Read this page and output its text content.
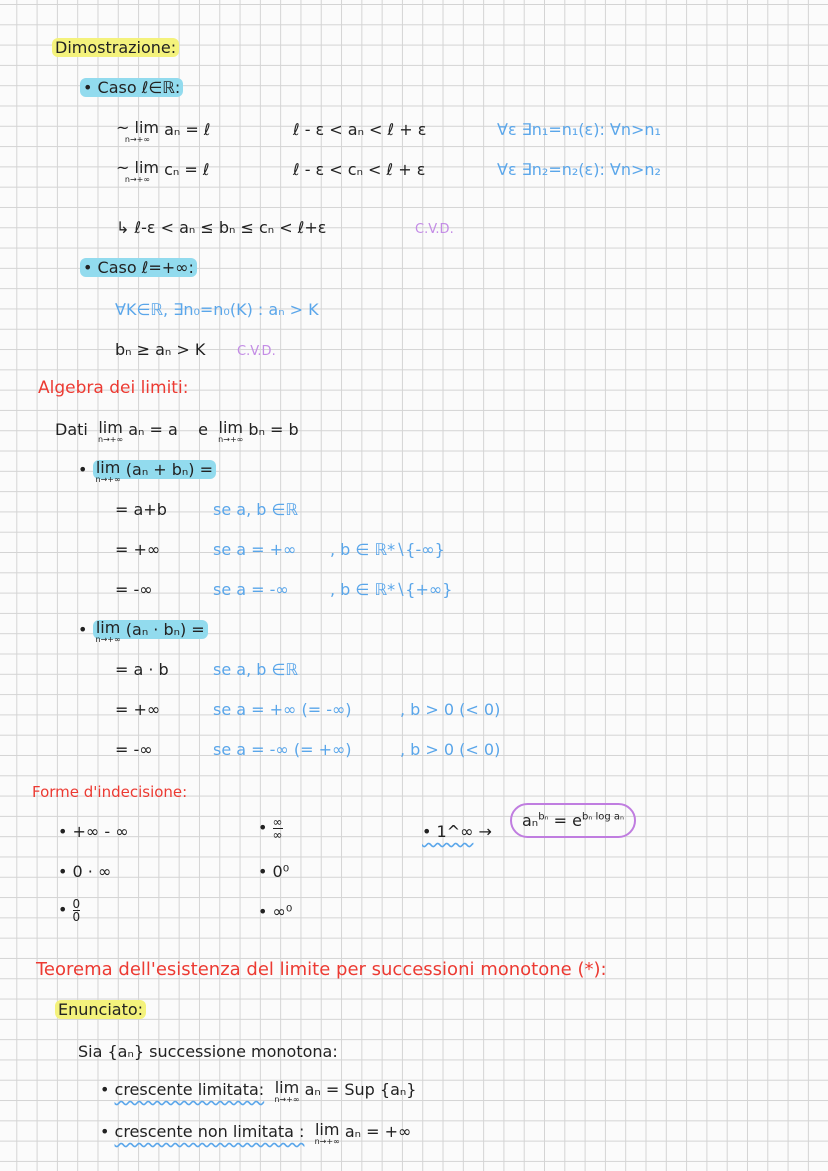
Dimostrazione:
• Caso ℓ∈ℝ:
~ lim
n→+∞
aₙ = ℓ	ℓ - ε < aₙ < ℓ + ε	∀ε ∃n₁=n₁(ε): ∀n>n₁
~ lim
n→+∞
cₙ = ℓ	ℓ - ε < cₙ < ℓ + ε	∀ε ∃n₂=n₂(ε): ∀n>n₂
↳ ℓ-ε < aₙ ≤ bₙ ≤ cₙ < ℓ+ε	C.V.D.
• Caso ℓ=+∞:
∀K∈ℝ, ∃n₀=n₀(K) : aₙ > K
bₙ ≥ aₙ > K C.V.D.
Algebra dei limiti:
Dati lim
n→+∞
aₙ = a e lim
n→+∞
bₙ = b
• lim
n→+∞
(aₙ + bₙ) =
= a+b	se a, b ∈ℝ
= +∞	se a = +∞ , b ∈ ℝ*∖{-∞}
= -∞	se a = -∞	, b ∈ ℝ*∖{+∞}
• lim
n→+∞
(aₙ · bₙ) =
= a · b	se a, b ∈ℝ
= +∞	se a = +∞ (= -∞)	, b > 0 (< 0)
= -∞	se a = -∞ (= +∞)	, b > 0 (< 0)
Forme d'indecisione:
• +∞ - ∞
• 0 · ∞
• $\frac{0}{0}$
• $\frac{\infty}{\infty}$
• 0⁰
• ∞⁰
• 1^∞ →
$a_n^{b_n} = e^{b_n log a_n}$
Teorema dell'esistenza del limite per successioni monotone (*):
Enunciato:
Sia {aₙ} successione monotona:
• crescente limitata: lim
n→+∞
aₙ = Sup {aₙ}
• crescente non limitata : lim
n→+∞
aₙ = +∞
